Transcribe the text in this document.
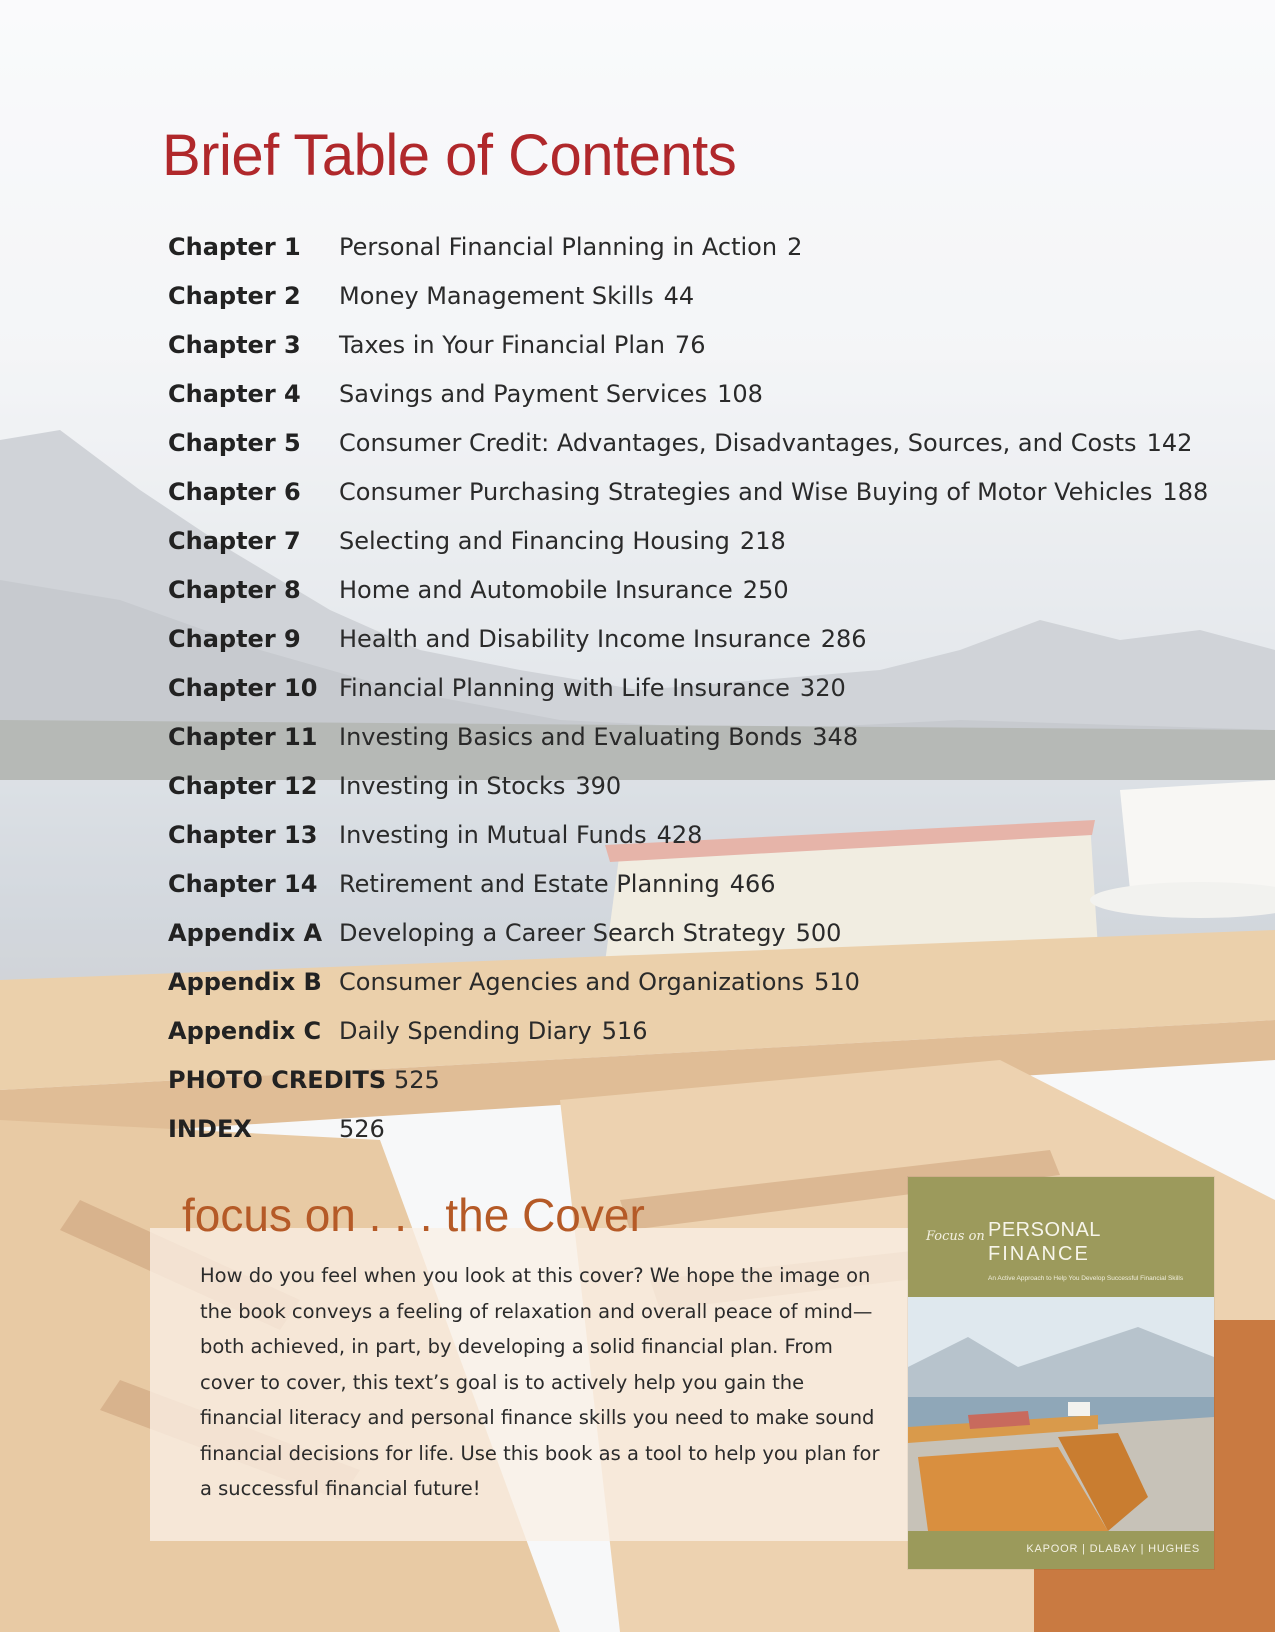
Brief Table of Contents
Chapter 1 Personal Financial Planning in Action 2
Chapter 2 Money Management Skills 44
Chapter 3 Taxes in Your Financial Plan 76
Chapter 4 Savings and Payment Services 108
Chapter 5 Consumer Credit: Advantages, Disadvantages, Sources, and Costs 142
Chapter 6 Consumer Purchasing Strategies and Wise Buying of Motor Vehicles 188
Chapter 7 Selecting and Financing Housing 218
Chapter 8 Home and Automobile Insurance 250
Chapter 9 Health and Disability Income Insurance 286
Chapter 10 Financial Planning with Life Insurance 320
Chapter 11 Investing Basics and Evaluating Bonds 348
Chapter 12 Investing in Stocks 390
Chapter 13 Investing in Mutual Funds 428
Chapter 14 Retirement and Estate Planning 466
Appendix A Developing a Career Search Strategy 500
Appendix B Consumer Agencies and Organizations 510
Appendix C Daily Spending Diary 516
PHOTO CREDITS 525
INDEX	526
focus on . . . the Cover

How do you feel when you look at this cover? We hope the image on the book conveys a feeling of relaxation and overall peace of mind—both achieved, in part, by developing a solid financial plan. From cover to cover, this text’s goal is to actively help you gain the financial literacy and personal finance skills you need to make sound financial decisions for life. Use this book as a tool to help you plan for a successful financial future!

Focus on PERSONAL
FINANCE
An Active Approach to Help You Develop Successful Financial Skills
KAPOOR | DLABAY | HUGHES
